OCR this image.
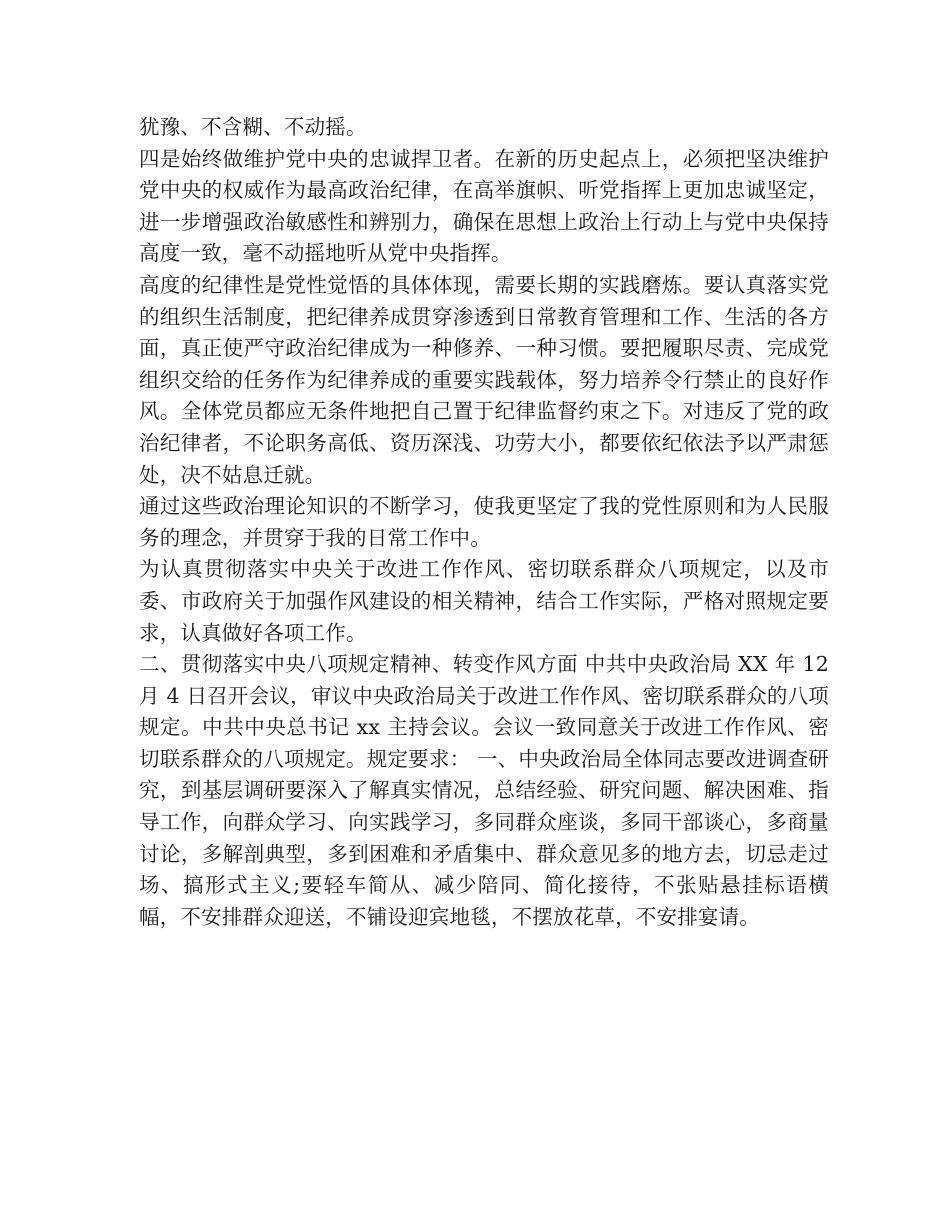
犹豫、不含糊、不动摇。

四是始终做维护党中央的忠诚捍卫者。在新的历史起点上，必须把坚决维护党中央的权威作为最高政治纪律，在高举旗帜、听党指挥上更加忠诚坚定，进一步增强政治敏感性和辨别力，确保在思想上政治上行动上与党中央保持高度一致，毫不动摇地听从党中央指挥。

高度的纪律性是党性觉悟的具体体现，需要长期的实践磨炼。要认真落实党的组织生活制度，把纪律养成贯穿渗透到日常教育管理和工作、生活的各方面，真正使严守政治纪律成为一种修养、一种习惯。要把履职尽责、完成党组织交给的任务作为纪律养成的重要实践载体，努力培养令行禁止的良好作风。全体党员都应无条件地把自己置于纪律监督约束之下。对违反了党的政治纪律者，不论职务高低、资历深浅、功劳大小，都要依纪依法予以严肃惩处，决不姑息迁就。

通过这些政治理论知识的不断学习，使我更坚定了我的党性原则和为人民服务的理念，并贯穿于我的日常工作中。

为认真贯彻落实中央关于改进工作作风、密切联系群众八项规定，以及市委、市政府关于加强作风建设的相关精神，结合工作实际，严格对照规定要求，认真做好各项工作。

二、贯彻落实中央八项规定精神、转变作风方面 中共中央政治局 XX 年 12 月 4 日召开会议，审议中央政治局关于改进工作作风、密切联系群众的八项规定。中共中央总书记 xx 主持会议。会议一致同意关于改进工作作风、密切联系群众的八项规定。规定要求： 一、中央政治局全体同志要改进调查研究，到基层调研要深入了解真实情况，总结经验、研究问题、解决困难、指导工作，向群众学习、向实践学习，多同群众座谈，多同干部谈心，多商量讨论，多解剖典型，多到困难和矛盾集中、群众意见多的地方去，切忌走过场、搞形式主义;要轻车简从、减少陪同、简化接待，不张贴悬挂标语横幅，不安排群众迎送，不铺设迎宾地毯，不摆放花草，不安排宴请。
